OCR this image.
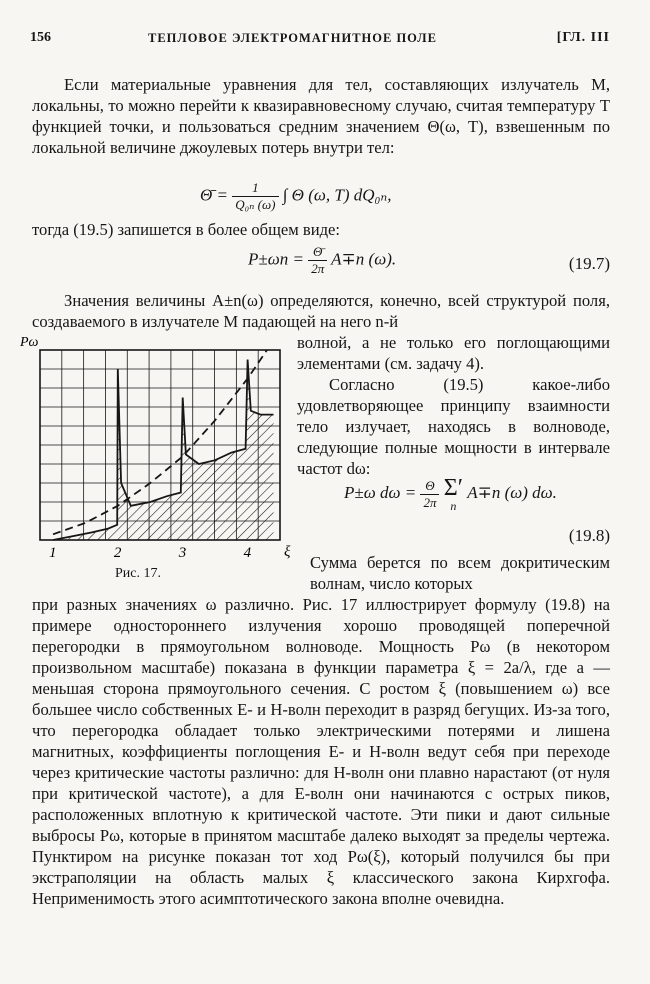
156	ТЕПЛОВОЕ ЭЛЕКТРОМАГНИТНОЕ ПОЛЕ	[ГЛ. III
Если материальные уравнения для тел, составляющих излучатель М, локальны, то можно перейти к квазиравновесному случаю, считая температуру Т функцией точки, и пользоваться средним значением Θ(ω, Т), взвешенным по локальной величине джоулевых потерь внутри тел:
Θ̄ = $\frac{1}{\text{Q₀ₙ (ω)}}$ ∫ Θ (ω, T) dQ₀ₙ,
тогда (19.5) запишется в более общем виде:
$P\pm\omega n = \frac{\Thetā}{2\pi} A\mp n$ (ω).	(19.7)
Значения величины A±n(ω) определяются, конечно, всей структурой поля, создаваемого в излучателе М падающей на него n-й
волной, а не только его поглощающими элементами (см. задачу 4).
Согласно (19.5) какое-либо удовлетворяющее принципу взаимности тело излучает, находясь в волноводе, следующие полные мощности в интервале частот dω:
P±ω $d\omega = \frac{\Theta}{2\pi}$
Σ′
n
A∓n (ω) dω.
(19.8)
Сумма берется по всем докритическим волнам, число которых
при разных значениях ω различно. Рис. 17 иллюстрирует формулу (19.8) на примере одностороннего излучения хорошо проводящей поперечной перегородки в прямоугольном волноводе. Мощность Pω (в некотором произвольном масштабе) показана в функции параметра ξ = 2a/λ, где a — меньшая сторона прямоугольного сечения. С ростом ξ (повышением ω) все большее число собственных E- и H-волн переходит в разряд бегущих. Из-за того, что перегородка обладает только электрическими потерями и лишена магнитных, коэффициенты поглощения E- и H-волн ведут себя при переходе через критические частоты различно: для H-волн они плавно нарастают (от нуля при критической частоте), а для E-волн они начинаются с острых пиков, расположенных вплотную к критической частоте. Эти пики и дают сильные выбросы Pω, которые в принятом масштабе далеко выходят за пределы чертежа. Пунктиром на рисунке показан тот ход Pω(ξ), который получился бы при экстраполяции на область малых ξ классического закона Кирхгофа. Неприменимость этого асимптотического закона вполне очевидна.
Pω
ξ
1	2	3	4
Рис. 17.
